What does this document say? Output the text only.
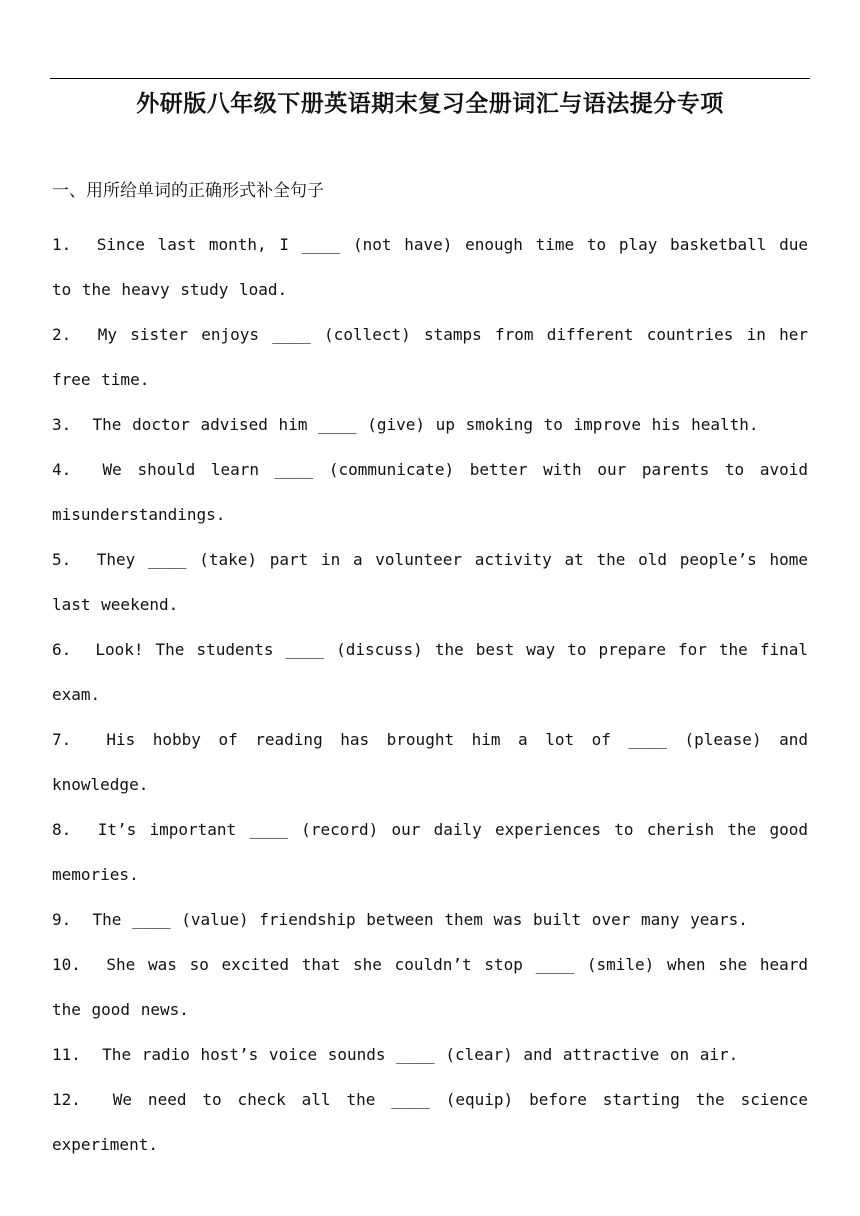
外研版八年级下册英语期末复习全册词汇与语法提分专项
一、用所给单词的正确形式补全句子
1. Since last month, I ____ (not have) enough time to play basketball due to the heavy study load.
2. My sister enjoys ____ (collect) stamps from different countries in her free time.
3. The doctor advised him ____ (give) up smoking to improve his health.
4. We should learn ____ (communicate) better with our parents to avoid misunderstandings.
5. They ____ (take) part in a volunteer activity at the old people’s home last weekend.
6. Look! The students ____ (discuss) the best way to prepare for the final exam.
7. His hobby of reading has brought him a lot of ____ (please) and knowledge.
8. It’s important ____ (record) our daily experiences to cherish the good memories.
9. The ____ (value) friendship between them was built over many years.
10. She was so excited that she couldn’t stop ____ (smile) when she heard the good news.
11. The radio host’s voice sounds ____ (clear) and attractive on air.
12. We need to check all the ____ (equip) before starting the science experiment.
